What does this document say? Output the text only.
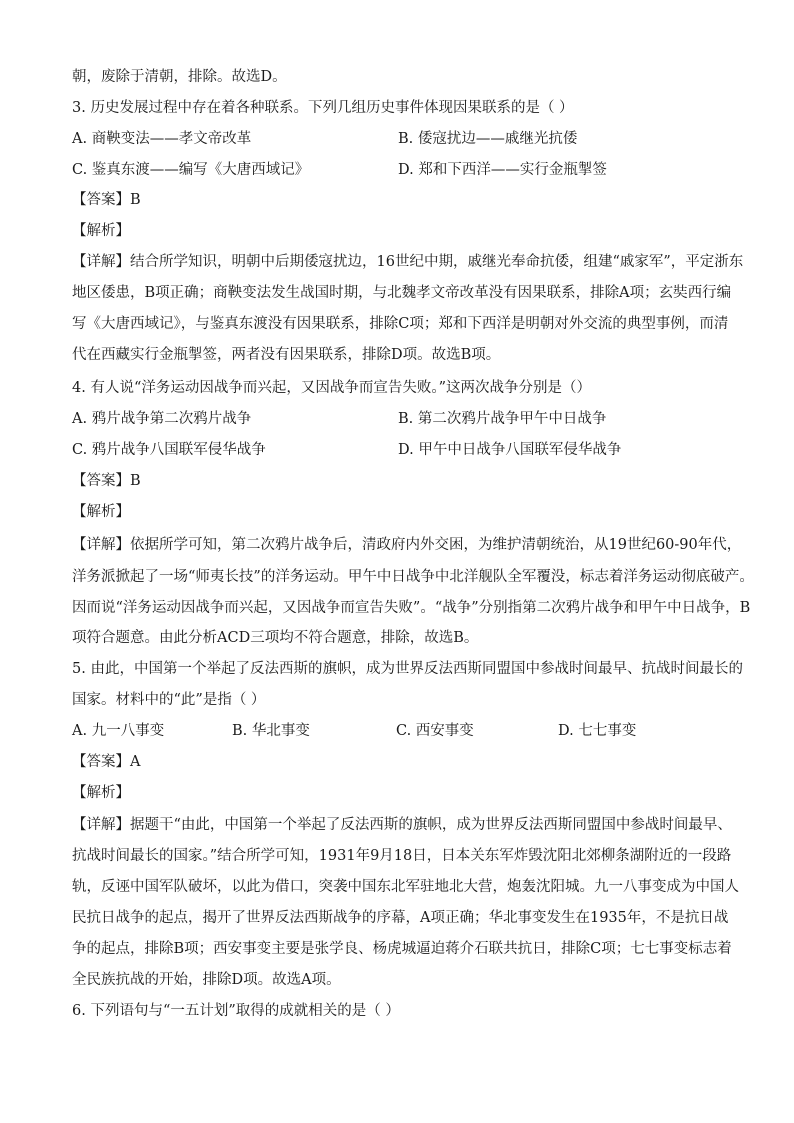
朝，废除于清朝，排除。故选D。
3. 历史发展过程中存在着各种联系。下列几组历史事件体现因果联系的是（ ）
A. 商鞅变法——孝文帝改革	B. 倭寇扰边——戚继光抗倭
C. 鉴真东渡——编写《大唐西域记》	D. 郑和下西洋——实行金瓶掣签
【答案】B
【解析】
【详解】结合所学知识，明朝中后期倭寇扰边，16世纪中期，戚继光奉命抗倭，组建“戚家军”，平定浙东
地区倭患，B项正确；商鞅变法发生战国时期，与北魏孝文帝改革没有因果联系，排除A项；玄奘西行编
写《大唐西域记》，与鉴真东渡没有因果联系，排除C项；郑和下西洋是明朝对外交流的典型事例，而清
代在西藏实行金瓶掣签，两者没有因果联系，排除D项。故选B项。
4. 有人说“洋务运动因战争而兴起，又因战争而宣告失败。”这两次战争分别是（）
A. 鸦片战争第二次鸦片战争	B. 第二次鸦片战争甲午中日战争
C. 鸦片战争八国联军侵华战争	D. 甲午中日战争八国联军侵华战争
【答案】B
【解析】
【详解】依据所学可知，第二次鸦片战争后，清政府内外交困，为维护清朝统治，从19世纪60-90年代，
洋务派掀起了一场“师夷长技”的洋务运动。甲午中日战争中北洋舰队全军覆没，标志着洋务运动彻底破产。
因而说“洋务运动因战争而兴起，又因战争而宣告失败”。“战争”分别指第二次鸦片战争和甲午中日战争，B
项符合题意。由此分析ACD三项均不符合题意，排除，故选B。
5. 由此，中国第一个举起了反法西斯的旗帜，成为世界反法西斯同盟国中参战时间最早、抗战时间最长的
国家。材料中的“此”是指（ ）
A. 九一八事变	B. 华北事变	C. 西安事变	D. 七七事变
【答案】A
【解析】
【详解】据题干“由此，中国第一个举起了反法西斯的旗帜，成为世界反法西斯同盟国中参战时间最早、
抗战时间最长的国家。”结合所学可知，1931年9月18日，日本关东军炸毁沈阳北郊柳条湖附近的一段路
轨，反诬中国军队破坏，以此为借口，突袭中国东北军驻地北大营，炮轰沈阳城。九一八事变成为中国人
民抗日战争的起点，揭开了世界反法西斯战争的序幕，A项正确；华北事变发生在1935年，不是抗日战
争的起点，排除B项；西安事变主要是张学良、杨虎城逼迫蒋介石联共抗日，排除C项；七七事变标志着
全民族抗战的开始，排除D项。故选A项。
6. 下列语句与“一五计划”取得的成就相关的是（ ）
